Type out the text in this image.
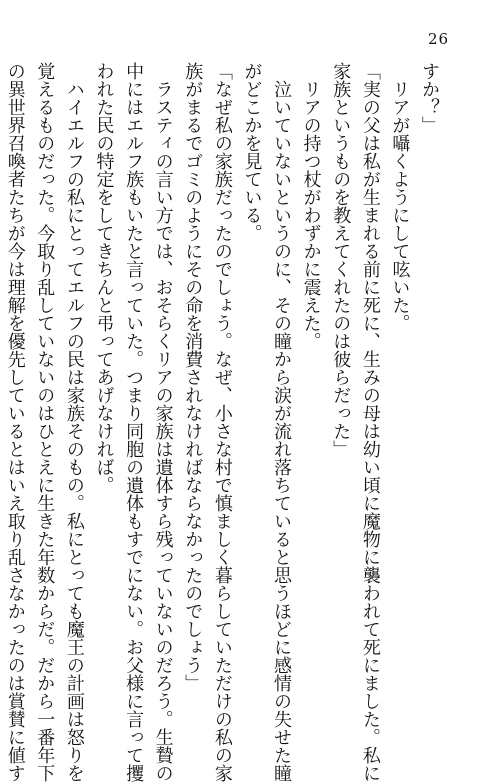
26
すか？」
　リアが囁くようにして呟いた。
「実の父は私が生まれる前に死に、生みの母は幼い頃に魔物に襲われて死にました。私に
家族というものを教えてくれたのは彼らだった」
　リアの持つ杖がわずかに震えた。
　泣いていないというのに、その瞳から涙が流れ落ちていると思うほどに感情の失せた瞳
がどこかを見ている。
「なぜ私の家族だったのでしょう。なぜ、小さな村で慎ましく暮らしていただけの私の家
族がまるでゴミのようにその命を消費されなければならなかったのでしょう」
　ラスティの言い方では、おそらくリアの家族は遺体すら残っていないのだろう。生贄の
中にはエルフ族もいたと言っていた。つまり同胞の遺体もすでにない。お父様に言って攫
われた民の特定をしてきちんと弔ってあげなければ。
　ハイエルフの私にとってエルフの民は家族そのもの。私にとっても魔王の計画は怒りを
覚えるものだった。今取り乱していないのはひとえに生きた年数からだ。だから一番年下
の異世界召喚者たちが今は理解を優先しているとはいえ取り乱さなかったのは賞賛に値す
